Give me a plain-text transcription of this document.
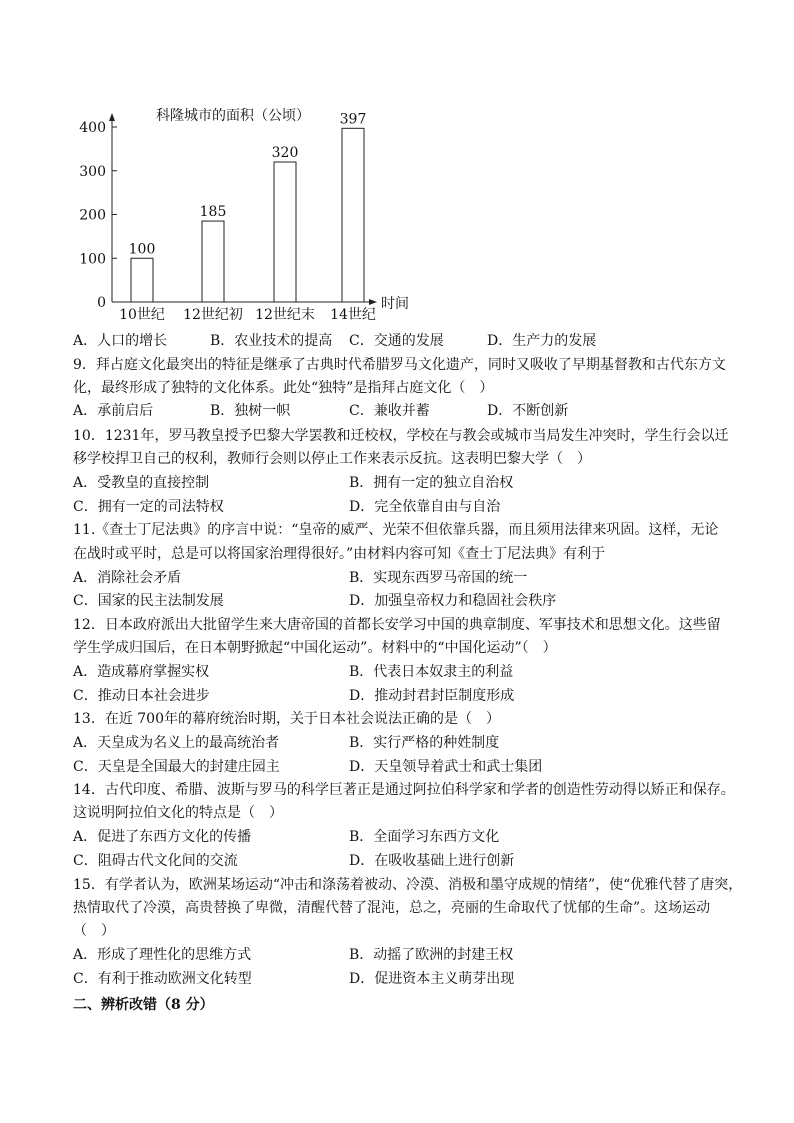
0
100
200
300
400
科隆城市的面积（公顷）
时间
100
10世纪
185
12世纪初
320
12世纪末
397
14世纪
A．人口的增长	B．农业技术的提高 C．交通的发展	D．生产力的发展
9．拜占庭文化最突出的特征是继承了古典时代希腊罗马文化遗产，同时又吸收了早期基督教和古代东方文
化，最终形成了独特的文化体系。此处“独特”是指拜占庭文化（　）
A．承前启后	B．独树一帜	C．兼收并蓄	D．不断创新
10．1231年，罗马教皇授予巴黎大学罢教和迁校权，学校在与教会或城市当局发生冲突时，学生行会以迁
移学校捍卫自己的权利，教师行会则以停止工作来表示反抗。这表明巴黎大学（　）
A．受教皇的直接控制	B．拥有一定的独立自治权
C．拥有一定的司法特权	D．完全依靠自由与自治
11.《查士丁尼法典》的序言中说：“皇帝的威严、光荣不但依靠兵器，而且须用法律来巩固。这样，无论
在战时或平时，总是可以将国家治理得很好。”由材料内容可知《查士丁尼法典》有利于
A．消除社会矛盾	B．实现东西罗马帝国的统一
C．国家的民主法制发展	D．加强皇帝权力和稳固社会秩序
12．日本政府派出大批留学生来大唐帝国的首都长安学习中国的典章制度、军事技术和思想文化。这些留
学生学成归国后，在日本朝野掀起“中国化运动”。材料中的“中国化运动”（　）
A．造成幕府掌握实权	B．代表日本奴隶主的利益
C．推动日本社会进步	D．推动封君封臣制度形成
13．在近 700年的幕府统治时期，关于日本社会说法正确的是（　）
A．天皇成为名义上的最高统治者	B．实行严格的种姓制度
C．天皇是全国最大的封建庄园主	D．天皇领导着武士和武士集团
14．古代印度、希腊、波斯与罗马的科学巨著正是通过阿拉伯科学家和学者的创造性劳动得以矫正和保存。
这说明阿拉伯文化的特点是（　）
A．促进了东西方文化的传播	B．全面学习东西方文化
C．阻碍古代文化间的交流	D．在吸收基础上进行创新
15．有学者认为，欧洲某场运动“冲击和涤荡着被动、冷漠、消极和墨守成规的情绪”，使“优雅代替了唐突，
热情取代了冷漠，高贵替换了卑微，清醒代替了混沌，总之，亮丽的生命取代了忧郁的生命”。这场运动
（　）
A．形成了理性化的思维方式	B．动摇了欧洲的封建王权
C．有利于推动欧洲文化转型	D．促进资本主义萌芽出现
二、辨析改错（8 分）
